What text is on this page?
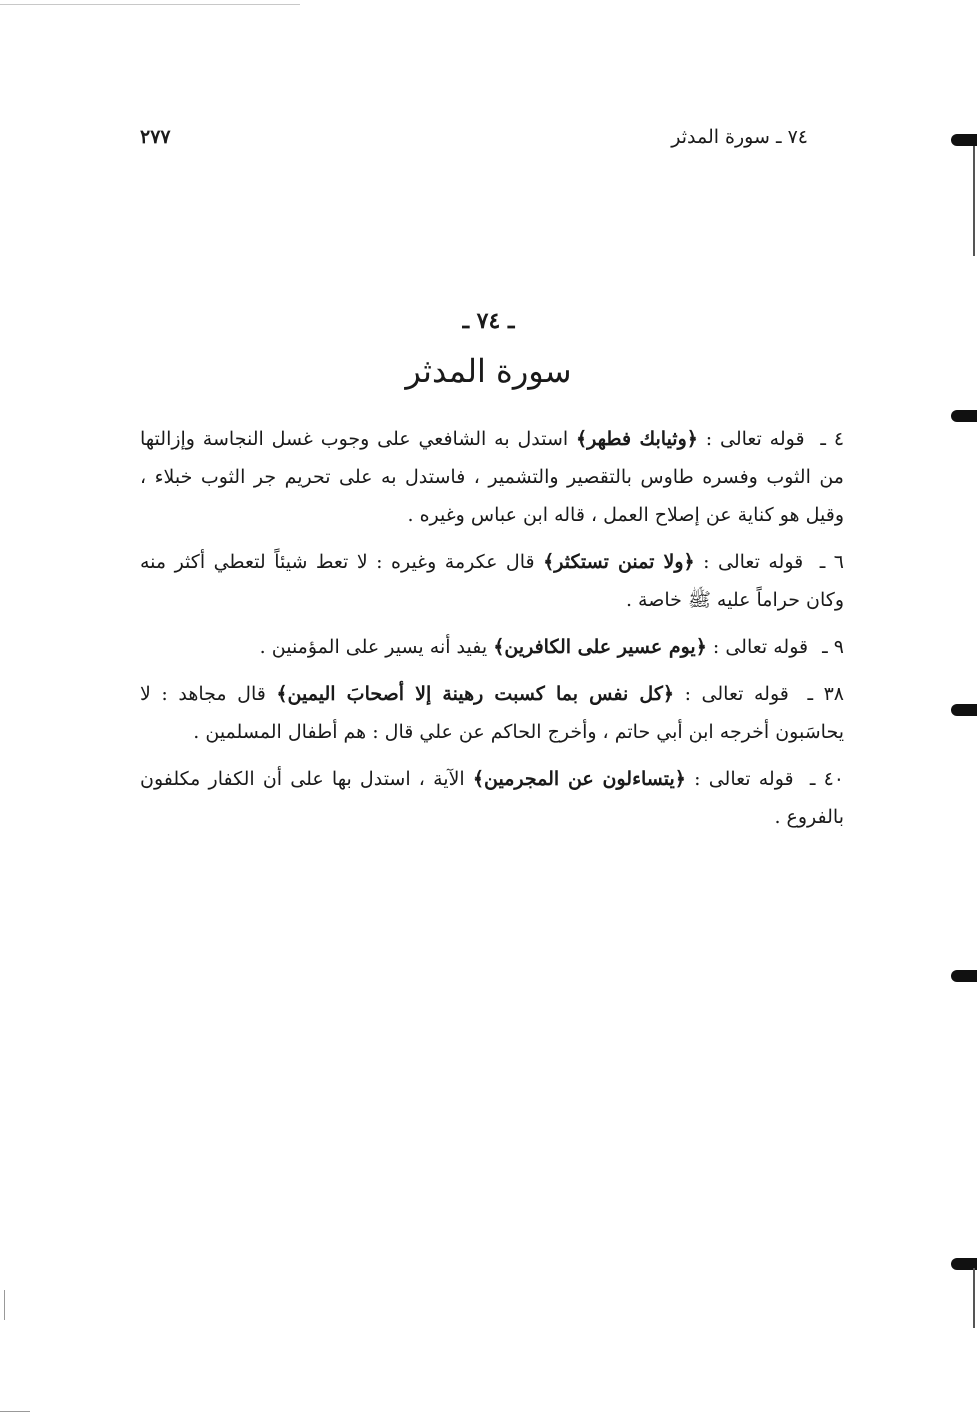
٧٤ ـ سورة المدثر
٢٧٧
ـ ٧٤ ـ
سورة المدثر

٤ ـ قوله تعالى : ﴿وثيابك فطهر﴾ استدل به الشافعي على وجوب غسل النجاسة وإزالتها من الثوب وفسره طاوس بالتقصير والتشمير ، فاستدل به على تحريم جر الثوب خبلاء ، وقيل هو كناية عن إصلاح العمل ، قاله ابن عباس وغيره .

٦ ـ قوله تعالى : ﴿ولا تمنن تستكثر﴾ قال عكرمة وغيره : لا تعط شيئاً لتعطي أكثر منه وكان حراماً عليه ﷺ خاصة .

٩ ـ قوله تعالى : ﴿يوم عسير على الكافرين﴾ يفيد أنه يسير على المؤمنين .

٣٨ ـ قوله تعالى : ﴿كل نفس بما كسبت رهينة إلا أصحابَ اليمين﴾ قال مجاهد : لا يحاسَبون أخرجه ابن أبي حاتم ، وأخرج الحاكم عن علي قال : هم أطفال المسلمين .

٤٠ ـ قوله تعالى : ﴿يتساءلون عن المجرمين﴾ الآية ، استدل بها على أن الكفار مكلفون بالفروع .
